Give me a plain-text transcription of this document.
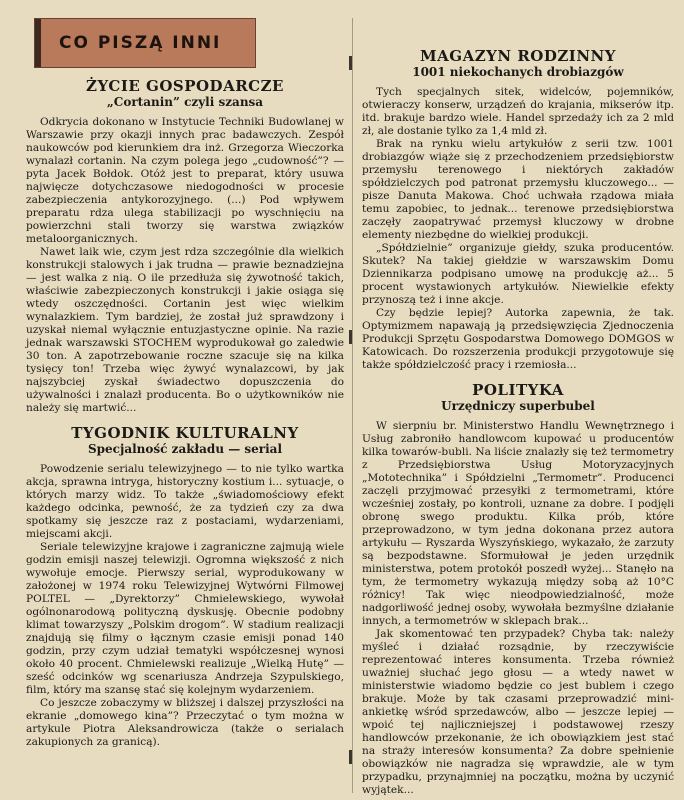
CO PISZĄ INNI
ŻYCIE GOSPODARCZE
„Cortanin” czyli szansa

Odkrycia dokonano w Instytucie Techniki Budowlanej w Warszawie przy okazji innych prac badawczych. Zespół naukowców pod kierunkiem dra inż. Grzegorza Wieczorka wynalazł cortanin. Na czym polega jego „cudowność”? — pyta Jacek Bołdok. Otóż jest to preparat, który usuwa najwięcze dotychczasowe niedogodności w procesie zabezpieczenia antykorozyjnego. (...) Pod wpływem preparatu rdza ulega stabilizacji po wyschnięciu na powierzchni stali tworzy się warstwa związków metaloorganicznych.

Nawet laik wie, czym jest rdza szczególnie dla wielkich konstrukcji stalowych i jak trudna — prawie beznadziejna — jest walka z nią. O ile przedłuża się żywotność takich, właściwie zabezpieczonych konstrukcji i jakie osiąga się wtedy oszczędności. Cortanin jest więc wielkim wynalazkiem. Tym bardziej, że został już sprawdzony i uzyskał niemal wyłącznie entuzjastyczne opinie. Na razie jednak warszawski STOCHEM wyprodukował go zaledwie 30 ton. A zapotrzebowanie roczne szacuje się na kilka tysięcy ton! Trzeba więc żywyć wynalazcowi, by jak najszybciej zyskał świadectwo dopuszczenia do używalności i znalazł producenta. Bo o użytkowników nie należy się martwić...

TYGODNIK KULTURALNY
Specjalność zakładu — serial

Powodzenie serialu telewizyjnego — to nie tylko wartka akcja, sprawna intryga, historyczny kostium i... sytuacje, o których marzy widz. To także „świadomościowy efekt każdego odcinka, pewność, że za tydzień czy za dwa spotkamy się jeszcze raz z postaciami, wydarzeniami, miejscami akcji.

Seriale telewizyjne krajowe i zagraniczne zajmują wiele godzin emisji naszej telewizji. Ogromna większość z nich wywołuje emocje. Pierwszy serial, wyprodukowany w założonej w 1974 roku Telewizyjnej Wytwórni Filmowej POLTEL — „Dyrektorzy” Chmielewskiego, wywołał ogólnonarodową polityczną dyskusję. Obecnie podobny klimat towarzyszy „Polskim drogom”. W stadium realizacji znajdują się filmy o łącznym czasie emisji ponad 140 godzin, przy czym udział tematyki współczesnej wynosi około 40 procent. Chmielewski realizuje „Wielką Hutę” — sześć odcinków wg scenariusza Andrzeja Szypulskiego, film, który ma szansę stać się kolejnym wydarzeniem.

Co jeszcze zobaczymy w bliższej i dalszej przyszłości na ekranie „domowego kina”? Przeczytać o tym można w artykule Piotra Aleksandrowicza (także o serialach zakupionych za granicą).

MAGAZYN RODZINNY
1001 niekochanych drobiazgów

Tych specjalnych sitek, widelców, pojemników, otwieraczy konserw, urządzeń do krajania, mikserów itp. itd. brakuje bardzo wiele. Handel sprzedaży ich za 2 mld zł, ale dostanie tylko za 1,4 mld zł.

Brak na rynku wielu artykułów z serii tzw. 1001 drobiazgów wiąże się z przechodzeniem przedsiębiorstw przemysłu terenowego i niektórych zakładów spółdzielczych pod patronat przemysłu kluczowego... — pisze Danuta Makowa. Choć uchwała rządowa miała temu zapobiec, to jednak... terenowe przedsiębiorstwa zaczęły zaopatrywać przemysł kluczowy w drobne elementy niezbędne do wielkiej produkcji.

„Spółdzielnie” organizuje giełdy, szuka producentów. Skutek? Na takiej giełdzie w warszawskim Domu Dziennikarza podpisano umowę na produkcję aż... 5 procent wystawionych artykułów. Niewielkie efekty przynoszą też i inne akcje.

Czy będzie lepiej? Autorka zapewnia, że tak. Optymizmem napawają ją przedsięwzięcia Zjednoczenia Produkcji Sprzętu Gospodarstwa Domowego DOMGOS w Katowicach. Do rozszerzenia produkcji przygotowuje się także spółdzielczość pracy i rzemiosła...

POLITYKA
Urzędniczy superbubel

W sierpniu br. Ministerstwo Handlu Wewnętrznego i Usług zabroniło handlowcom kupować u producentów kilka towarów-bubli. Na liście znalazły się też termometry z Przedsiębiorstwa Usług Motoryzacyjnych „Mototechnika” i Spółdzielni „Termometr”. Producenci zaczęli przyjmować przesyłki z termometrami, które wcześniej zostały, po kontroli, uznane za dobre. I podjęli obronę swego produktu. Kilka prób, które przeprowadzono, w tym jedna dokonana przez autora artykułu — Ryszarda Wyszyńskiego, wykazało, że zarzuty są bezpodstawne. Sformułował je jeden urzędnik ministerstwa, potem protokół poszedł wyżej... Stanęło na tym, że termometry wykazują między sobą aż 10°C różnicy! Tak więc nieodpowiedzialność, może nadgorliwość jednej osoby, wywołała bezmyślne działanie innych, a termometrów w sklepach brak...

Jak skomentować ten przypadek? Chyba tak: należy myśleć i działać rozsądnie, by rzeczywiście reprezentować interes konsumenta. Trzeba również uważniej słuchać jego głosu — a wtedy nawet w ministerstwie wiadomo będzie co jest bublem i czego brakuje. Może by tak czasami przeprowadzić mini-ankietkę wśród sprzedawców, albo — jeszcze lepiej — wpoić tej najliczniejszej i podstawowej rzeszy handlowców przekonanie, że ich obowiązkiem jest stać na straży interesów konsumenta? Za dobre spełnienie obowiązków nie nagradza się wprawdzie, ale w tym przypadku, przynajmniej na początku, można by uczynić wyjątek...
